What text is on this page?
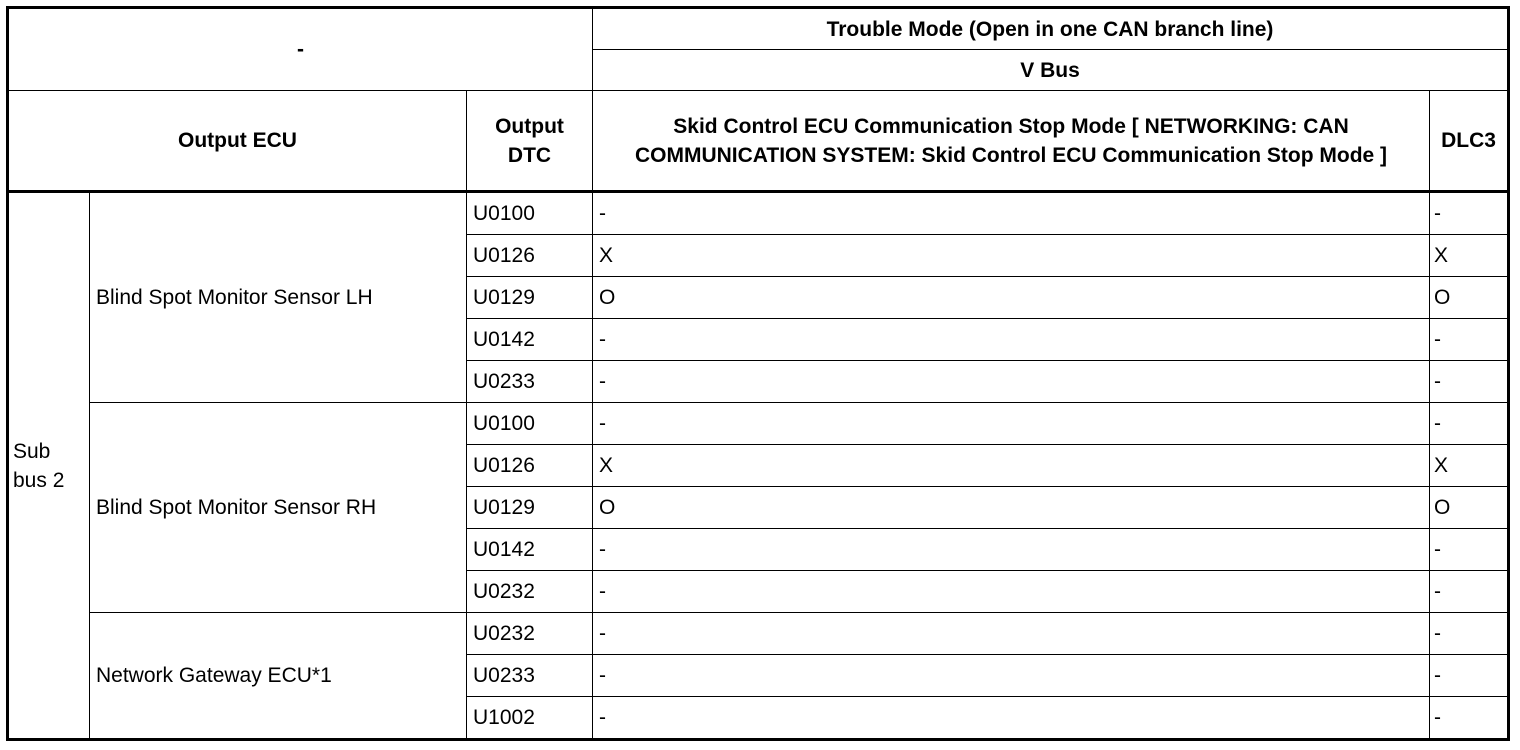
-			Trouble Mode (Open in one CAN branch line)	
			V Bus	
Output ECU		Output DTC	Skid Control ECU Communication Stop Mode [ NETWORKING: CAN COMMUNICATION SYSTEM: Skid Control ECU Communication Stop Mode ]	DLC3
Sub bus 2	Blind Spot Monitor Sensor LH	U0100	-	-
		U0126	X	X
		U0129	O	O
		U0142	-	-
		U0233	-	-
	Blind Spot Monitor Sensor RH	U0100	-	-
		U0126	X	X
		U0129	O	O
		U0142	-	-
		U0232	-	-
	Network Gateway ECU*1	U0232	-	-
		U0233	-	-
		U1002	-	-
